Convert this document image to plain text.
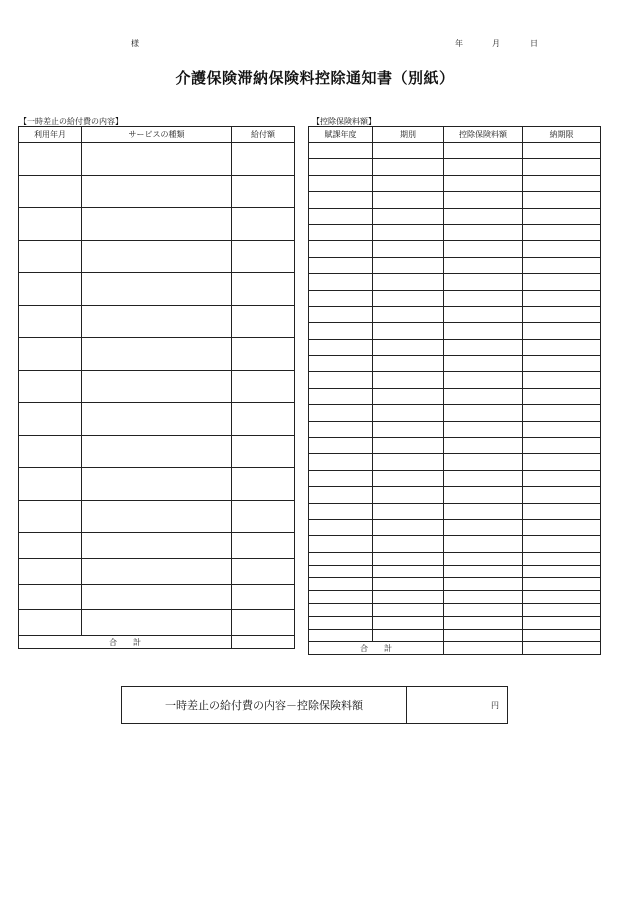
様	年	月	日
介護保険滞納保険料控除通知書（別紙）
【一時差止の給付費の内容】	【控除保険料額】
利用年月	サービスの種類	給付額

合　　計		
賦課年度	期別	控除保険料額	納期限

合　　計			
一時差止の給付費の内容－控除保険料額	円
